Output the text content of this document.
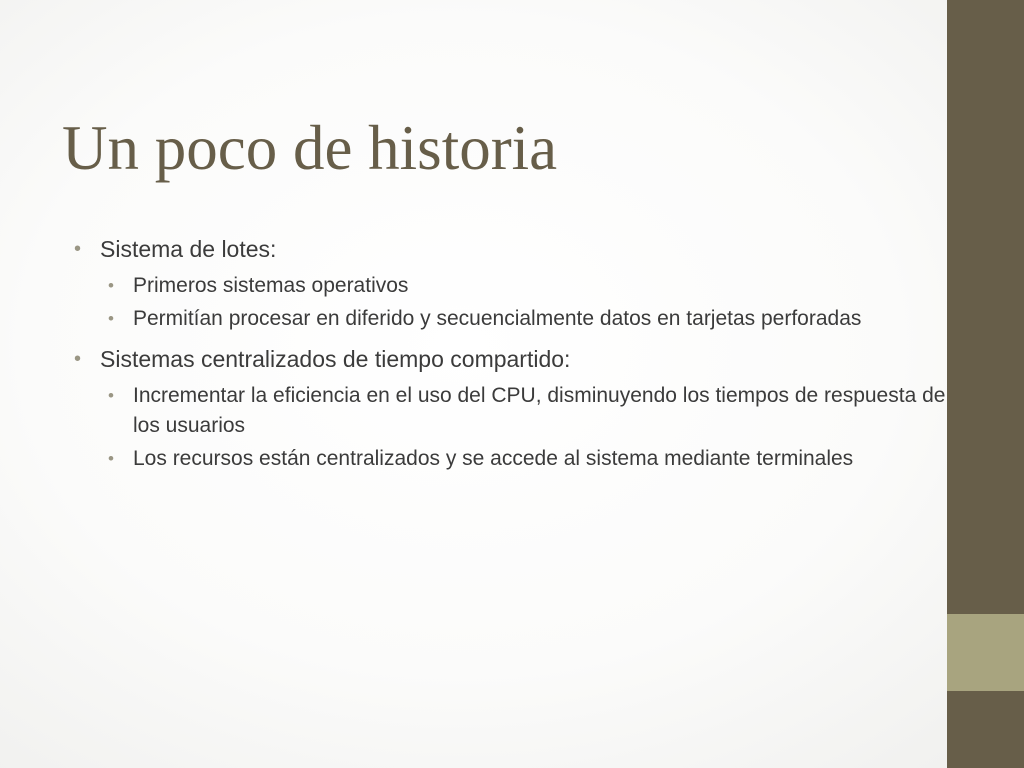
Un poco de historia
• Sistema de lotes:
• Primeros sistemas operativos
• Permitían procesar en diferido y secuencialmente datos en tarjetas perforadas
• Sistemas centralizados de tiempo compartido:
• Incrementar la eficiencia en el uso del CPU, disminuyendo los tiempos de respuesta de los usuarios
• Los recursos están centralizados y se accede al sistema mediante terminales
